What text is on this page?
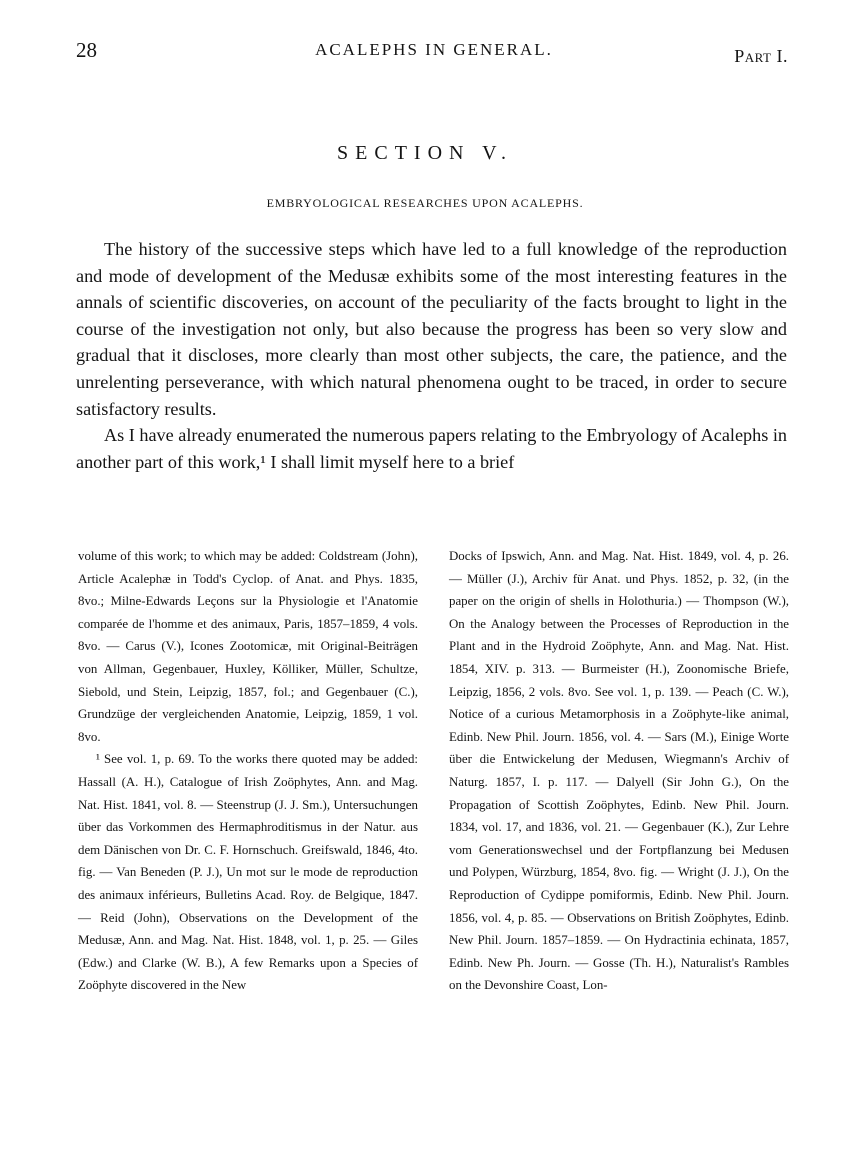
28	ACALEPHS IN GENERAL.	Part I.
SECTION V.
EMBRYOLOGICAL RESEARCHES UPON ACALEPHS.

The history of the successive steps which have led to a full knowledge of the reproduction and mode of development of the Medusæ exhibits some of the most interesting features in the annals of scientific discoveries, on account of the peculiarity of the facts brought to light in the course of the investigation not only, but also because the progress has been so very slow and gradual that it discloses, more clearly than most other subjects, the care, the patience, and the unrelenting perseverance, with which natural phenomena ought to be traced, in order to secure satisfactory results.

As I have already enumerated the numerous papers relating to the Embryology of Acalephs in another part of this work,¹ I shall limit myself here to a brief

volume of this work; to which may be added: Coldstream (John), Article Acalephæ in Todd's Cyclop. of Anat. and Phys. 1835, 8vo.; Milne-Edwards Leçons sur la Physiologie et l'Anatomie comparée de l'homme et des animaux, Paris, 1857–1859, 4 vols. 8vo. — Carus (V.), Icones Zootomicæ, mit Original-Beiträgen von Allman, Gegenbauer, Huxley, Kölliker, Müller, Schultze, Siebold, und Stein, Leipzig, 1857, fol.; and Gegenbauer (C.), Grundzüge der vergleichenden Anatomie, Leipzig, 1859, 1 vol. 8vo.

¹ See vol. 1, p. 69. To the works there quoted may be added: Hassall (A. H.), Catalogue of Irish Zoöphytes, Ann. and Mag. Nat. Hist. 1841, vol. 8. — Steenstrup (J. J. Sm.), Untersuchungen über das Vorkommen des Hermaphroditismus in der Natur. aus dem Dänischen von Dr. C. F. Hornschuch. Greifswald, 1846, 4to. fig. — Van Beneden (P. J.), Un mot sur le mode de reproduction des animaux inférieurs, Bulletins Acad. Roy. de Belgique, 1847. — Reid (John), Observations on the Development of the Medusæ, Ann. and Mag. Nat. Hist. 1848, vol. 1, p. 25. — Giles (Edw.) and Clarke (W. B.), A few Remarks upon a Species of Zoöphyte discovered in the New

Docks of Ipswich, Ann. and Mag. Nat. Hist. 1849, vol. 4, p. 26. — Müller (J.), Archiv für Anat. und Phys. 1852, p. 32, (in the paper on the origin of shells in Holothuria.) — Thompson (W.), On the Analogy between the Processes of Reproduction in the Plant and in the Hydroid Zoöphyte, Ann. and Mag. Nat. Hist. 1854, XIV. p. 313. — Burmeister (H.), Zoonomische Briefe, Leipzig, 1856, 2 vols. 8vo. See vol. 1, p. 139. — Peach (C. W.), Notice of a curious Metamorphosis in a Zoöphyte-like animal, Edinb. New Phil. Journ. 1856, vol. 4. — Sars (M.), Einige Worte über die Entwickelung der Medusen, Wiegmann's Archiv of Naturg. 1857, I. p. 117. — Dalyell (Sir John G.), On the Propagation of Scottish Zoöphytes, Edinb. New Phil. Journ. 1834, vol. 17, and 1836, vol. 21. — Gegenbauer (K.), Zur Lehre vom Generationswechsel und der Fortpflanzung bei Medusen und Polypen, Würzburg, 1854, 8vo. fig. — Wright (J. J.), On the Reproduction of Cydippe pomiformis, Edinb. New Phil. Journ. 1856, vol. 4, p. 85. — Observations on British Zoöphytes, Edinb. New Phil. Journ. 1857–1859. — On Hydractinia echinata, 1857, Edinb. New Ph. Journ. — Gosse (Th. H.), Naturalist's Rambles on the Devonshire Coast, Lon-
